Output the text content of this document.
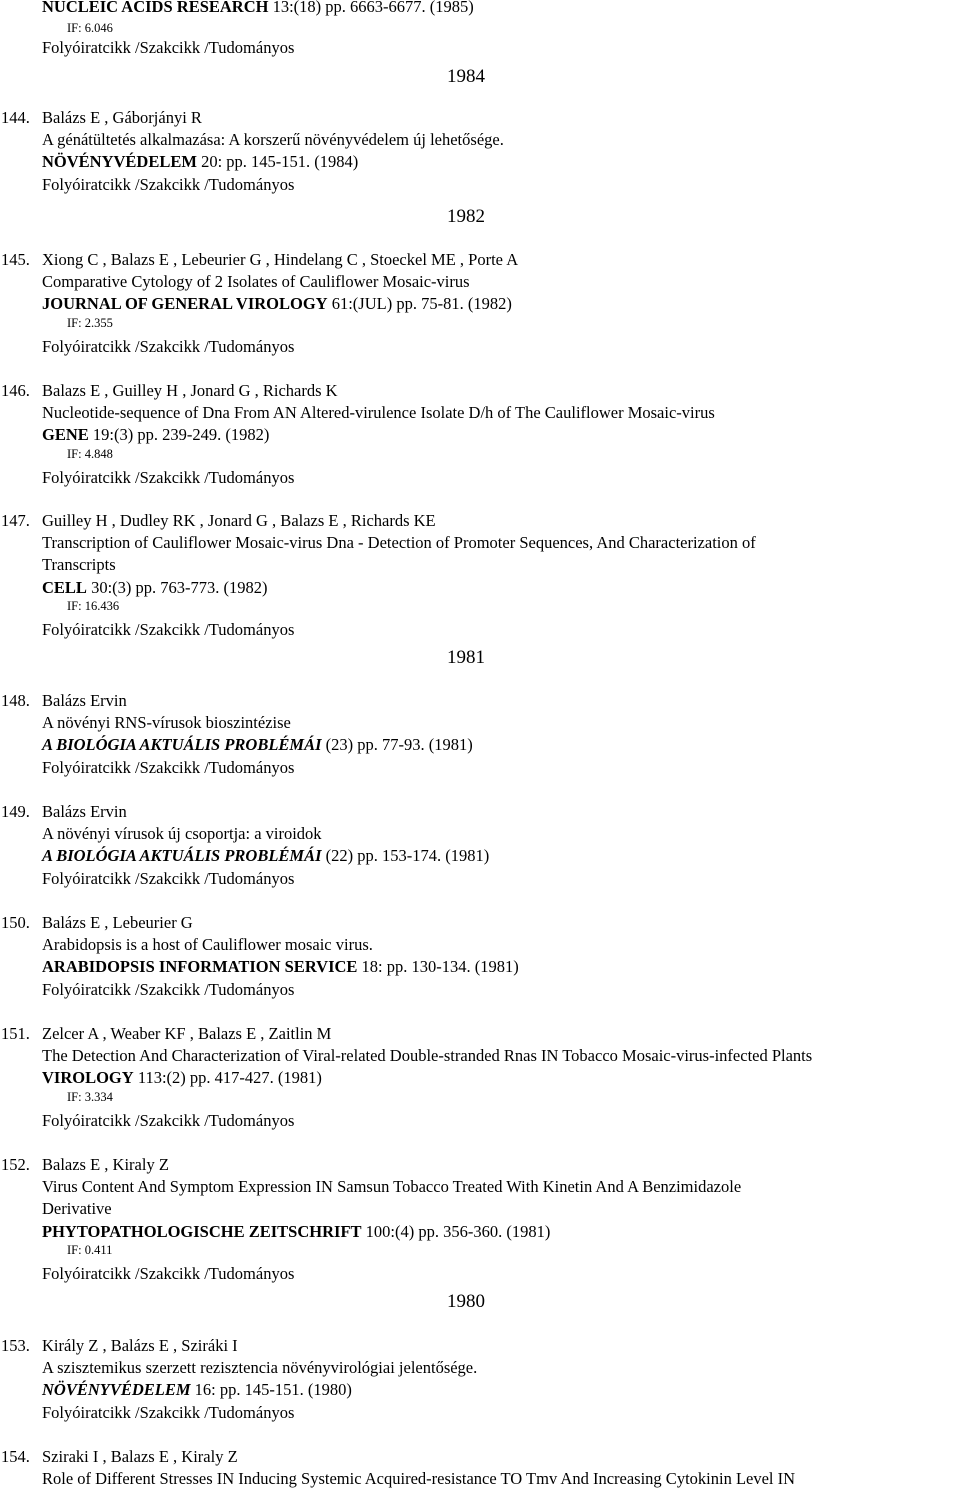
NUCLEIC ACIDS RESEARCH 13:(18) pp. 6663-6677. (1985)
IF: 6.046
Folyóiratcikk /Szakcikk /Tudományos
1984
1982
1981
1980
144.Balázs E , Gáborjányi R
A génátültetés alkalmazása: A korszerű növényvédelem új lehetősége.
NÖVÉNYVÉDELEM 20: pp. 145-151. (1984)
Folyóiratcikk /Szakcikk /Tudományos
145.Xiong C , Balazs E , Lebeurier G , Hindelang C , Stoeckel ME , Porte A
Comparative Cytology of 2 Isolates of Cauliflower Mosaic-virus
JOURNAL OF GENERAL VIROLOGY 61:(JUL) pp. 75-81. (1982)
IF: 2.355
Folyóiratcikk /Szakcikk /Tudományos
146.Balazs E , Guilley H , Jonard G , Richards K
Nucleotide-sequence of Dna From AN Altered-virulence Isolate D/h of The Cauliflower Mosaic-virus
GENE 19:(3) pp. 239-249. (1982)
IF: 4.848
Folyóiratcikk /Szakcikk /Tudományos
147.Guilley H , Dudley RK , Jonard G , Balazs E , Richards KE
Transcription of Cauliflower Mosaic-virus Dna - Detection of Promoter Sequences, And Characterization of
Transcripts
CELL 30:(3) pp. 763-773. (1982)
IF: 16.436
Folyóiratcikk /Szakcikk /Tudományos
148.Balázs Ervin
A növényi RNS-vírusok bioszintézise
A BIOLÓGIA AKTUÁLIS PROBLÉMÁI (23) pp. 77-93. (1981)
Folyóiratcikk /Szakcikk /Tudományos
149.Balázs Ervin
A növényi vírusok új csoportja: a viroidok
A BIOLÓGIA AKTUÁLIS PROBLÉMÁI (22) pp. 153-174. (1981)
Folyóiratcikk /Szakcikk /Tudományos
150.Balázs E , Lebeurier G
Arabidopsis is a host of Cauliflower mosaic virus.
ARABIDOPSIS INFORMATION SERVICE 18: pp. 130-134. (1981)
Folyóiratcikk /Szakcikk /Tudományos
151.Zelcer A , Weaber KF , Balazs E , Zaitlin M
The Detection And Characterization of Viral-related Double-stranded Rnas IN Tobacco Mosaic-virus-infected Plants
VIROLOGY 113:(2) pp. 417-427. (1981)
IF: 3.334
Folyóiratcikk /Szakcikk /Tudományos
152.Balazs E , Kiraly Z
Virus Content And Symptom Expression IN Samsun Tobacco Treated With Kinetin And A Benzimidazole
Derivative
PHYTOPATHOLOGISCHE ZEITSCHRIFT 100:(4) pp. 356-360. (1981)
IF: 0.411
Folyóiratcikk /Szakcikk /Tudományos
153.Király Z , Balázs E , Sziráki I
A szisztemikus szerzett rezisztencia növényvirológiai jelentősége.
NÖVÉNYVÉDELEM 16: pp. 145-151. (1980)
Folyóiratcikk /Szakcikk /Tudományos
154.Sziraki I , Balazs E , Kiraly Z
Role of Different Stresses IN Inducing Systemic Acquired-resistance TO Tmv And Increasing Cytokinin Level IN
